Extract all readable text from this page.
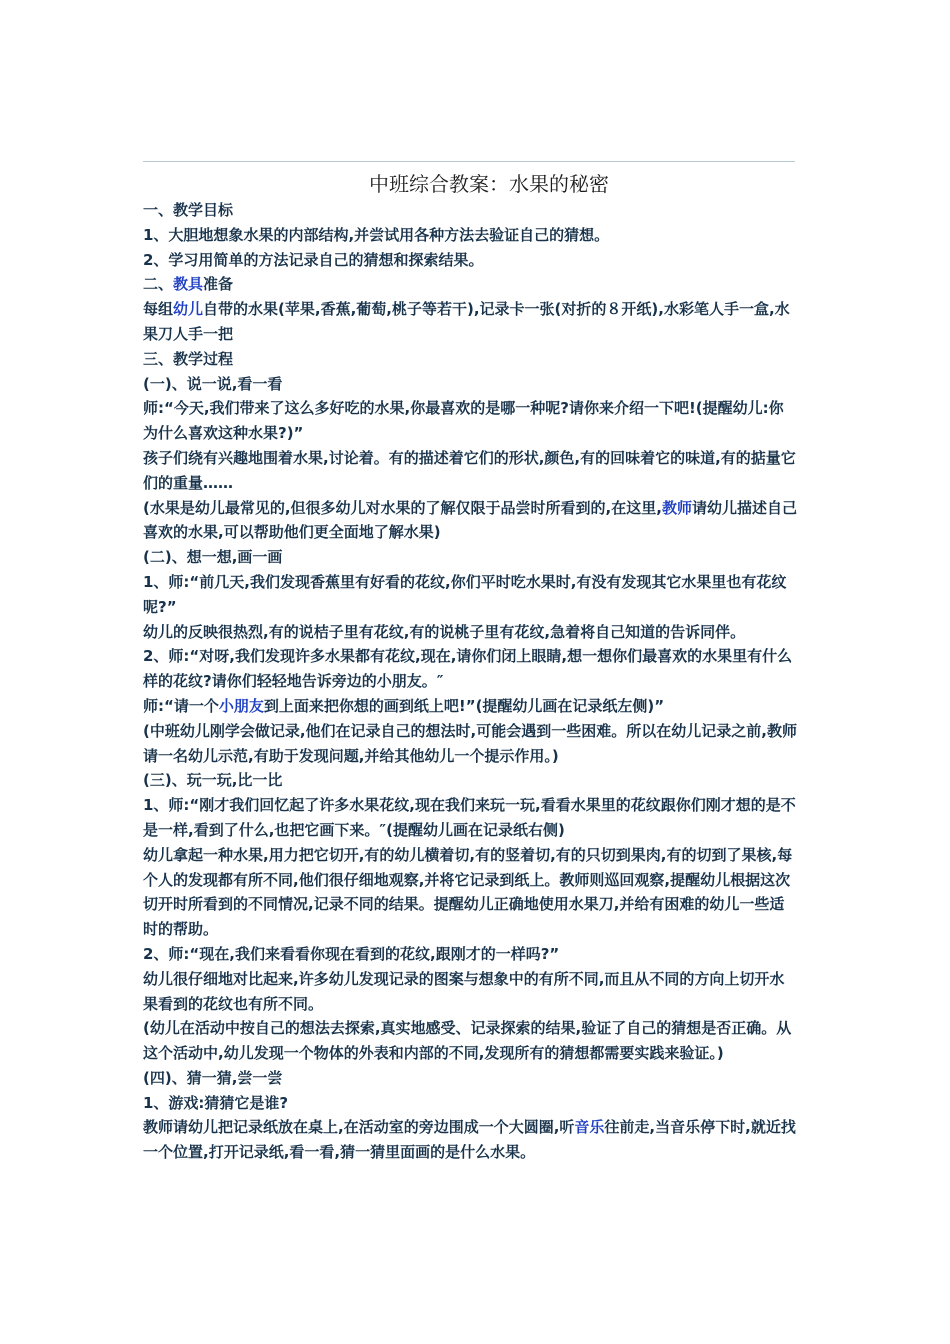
中班综合教案：水果的秘密

一、教学目标

1、大胆地想象水果的内部结构,并尝试用各种方法去验证自己的猜想。

2、学习用简单的方法记录自己的猜想和探索结果。

二、教具准备

每组幼儿自带的水果(苹果,香蕉,葡萄,桃子等若干),记录卡一张(对折的８开纸),水彩笔人手一盒,水果刀人手一把

三、教学过程

(一)、说一说,看一看

师:“今天,我们带来了这么多好吃的水果,你最喜欢的是哪一种呢?请你来介绍一下吧!(提醒幼儿:你为什么喜欢这种水果?)”

孩子们绕有兴趣地围着水果,讨论着。有的描述着它们的形状,颜色,有的回味着它的味道,有的掂量它们的重量……

(水果是幼儿最常见的,但很多幼儿对水果的了解仅限于品尝时所看到的,在这里,教师请幼儿描述自己喜欢的水果,可以帮助他们更全面地了解水果)

(二)、想一想,画一画

1、师:“前几天,我们发现香蕉里有好看的花纹,你们平时吃水果时,有没有发现其它水果里也有花纹呢?”

幼儿的反映很热烈,有的说桔子里有花纹,有的说桃子里有花纹,急着将自己知道的告诉同伴。

2、师:“对呀,我们发现许多水果都有花纹,现在,请你们闭上眼睛,想一想你们最喜欢的水果里有什么样的花纹?请你们轻轻地告诉旁边的小朋友。″

师:“请一个小朋友到上面来把你想的画到纸上吧!”(提醒幼儿画在记录纸左侧)”

(中班幼儿刚学会做记录,他们在记录自己的想法时,可能会遇到一些困难。所以在幼儿记录之前,教师请一名幼儿示范,有助于发现问题,并给其他幼儿一个提示作用。)

(三)、玩一玩,比一比

1、师:“刚才我们回忆起了许多水果花纹,现在我们来玩一玩,看看水果里的花纹跟你们刚才想的是不是一样,看到了什么,也把它画下来。″(提醒幼儿画在记录纸右侧)

幼儿拿起一种水果,用力把它切开,有的幼儿横着切,有的竖着切,有的只切到果肉,有的切到了果核,每个人的发现都有所不同,他们很仔细地观察,并将它记录到纸上。教师则巡回观察,提醒幼儿根据这次切开时所看到的不同情况,记录不同的结果。提醒幼儿正确地使用水果刀,并给有困难的幼儿一些适时的帮助。

2、师:“现在,我们来看看你现在看到的花纹,跟刚才的一样吗?”

幼儿很仔细地对比起来,许多幼儿发现记录的图案与想象中的有所不同,而且从不同的方向上切开水果看到的花纹也有所不同。

(幼儿在活动中按自己的想法去探索,真实地感受、记录探索的结果,验证了自己的猜想是否正确。从这个活动中,幼儿发现一个物体的外表和内部的不同,发现所有的猜想都需要实践来验证。)

(四)、猜一猜,尝一尝

1、游戏:猜猜它是谁?

教师请幼儿把记录纸放在桌上,在活动室的旁边围成一个大圆圈,听音乐往前走,当音乐停下时,就近找一个位置,打开记录纸,看一看,猜一猜里面画的是什么水果。
